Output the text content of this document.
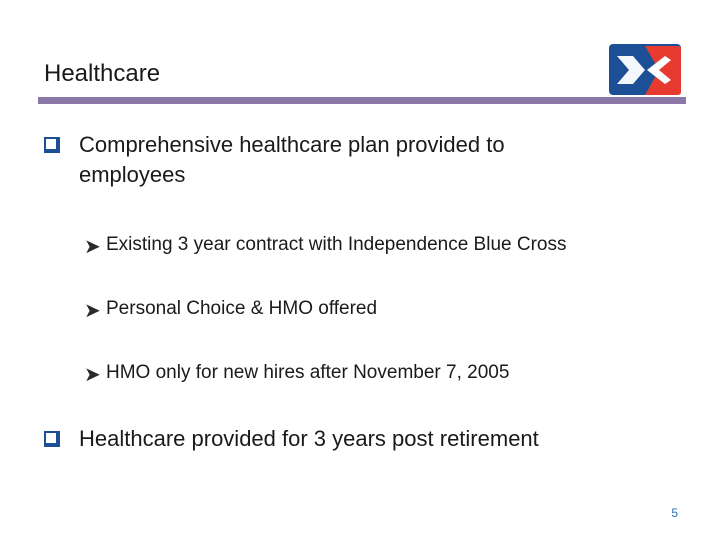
Healthcare
Comprehensive healthcare plan provided to employees
➤ Existing 3 year contract with Independence Blue Cross
➤ Personal Choice & HMO offered
➤ HMO only for new hires after November 7, 2005
Healthcare provided for 3 years post retirement
5
